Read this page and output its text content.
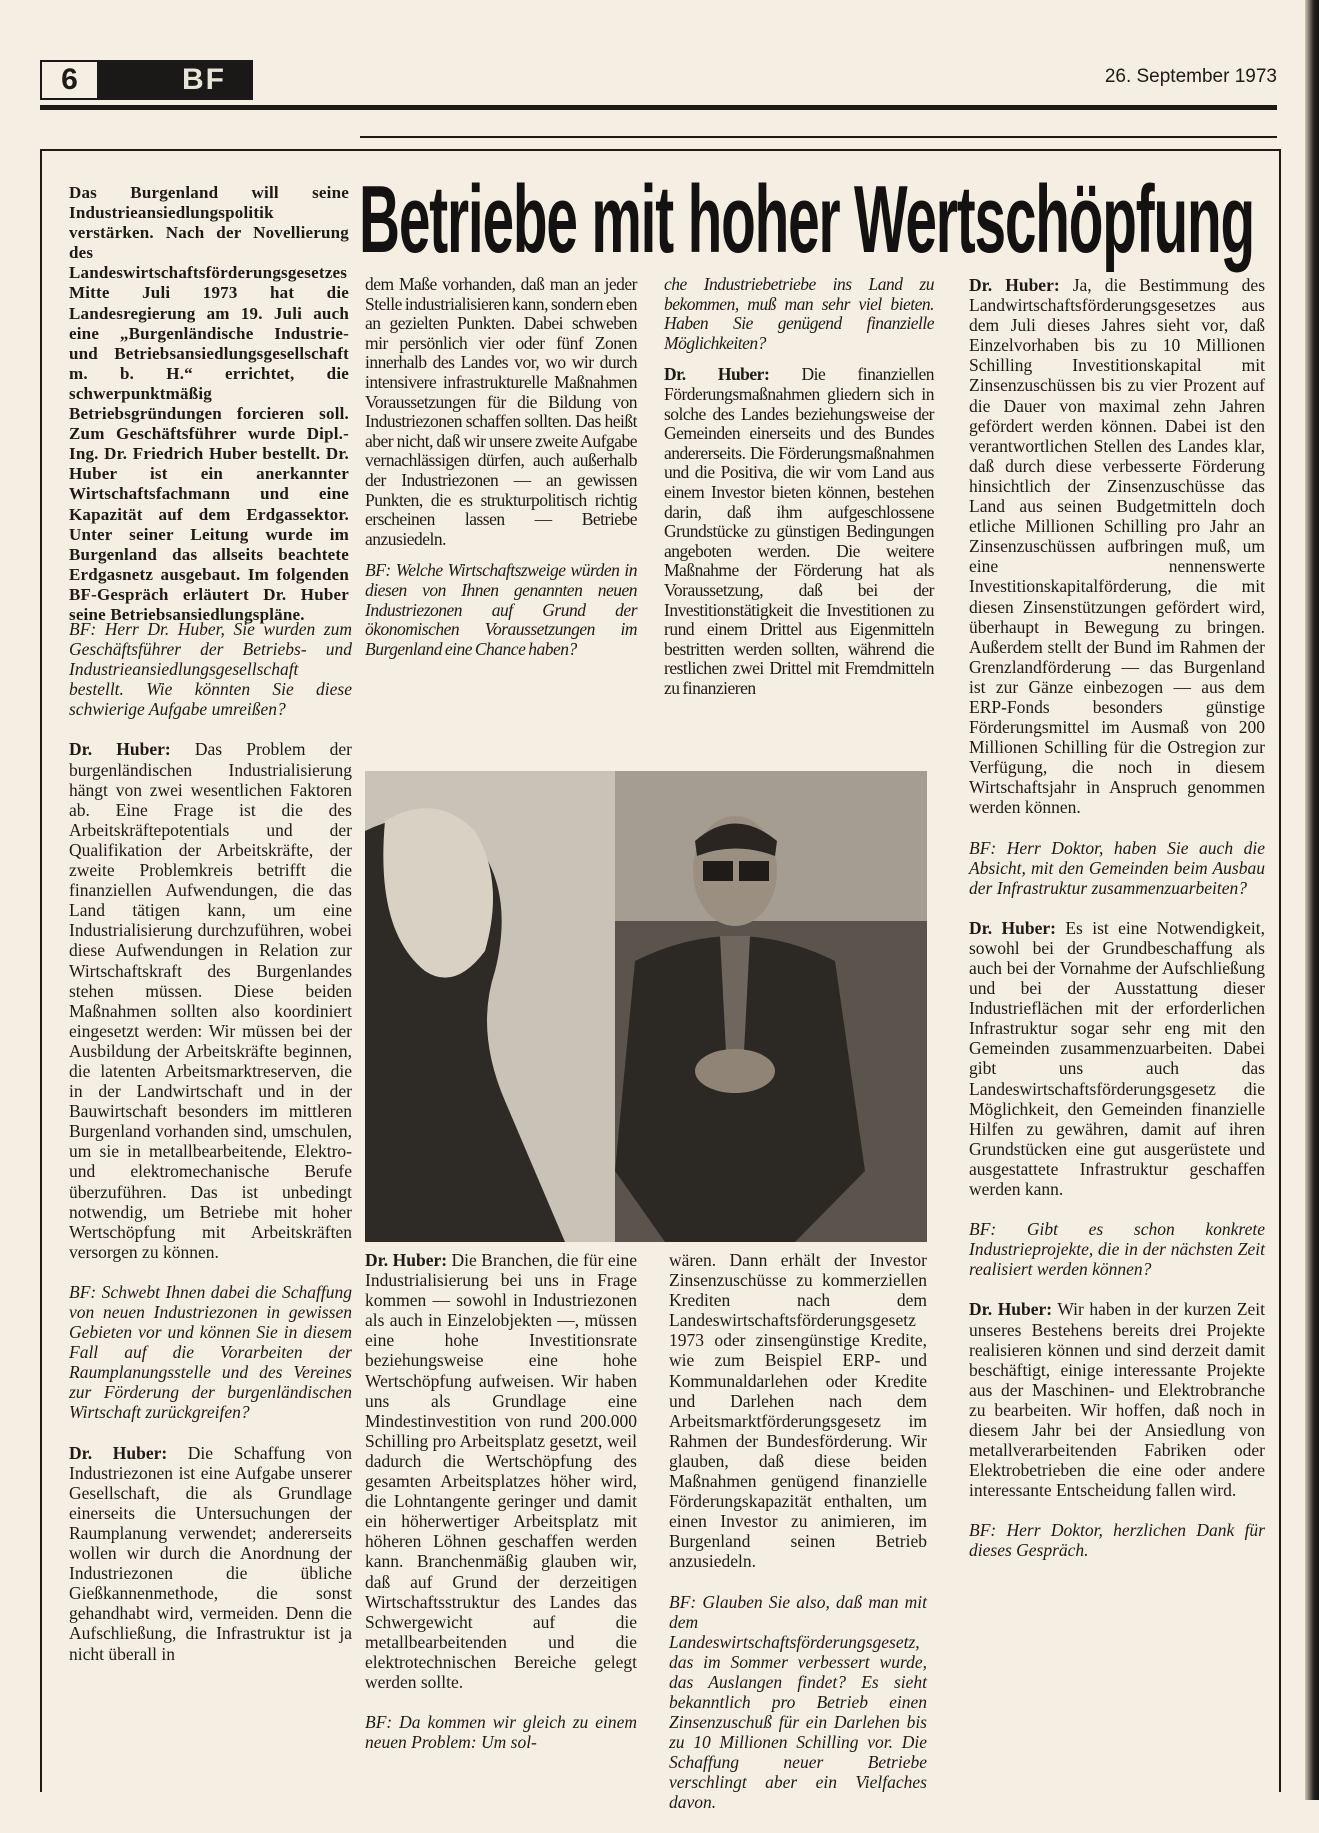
6	BF	26. September 1973
Betriebe mit hoher Wertschöpfung
Das Burgenland will seine Industrieansiedlungspolitik verstärken. Nach der Novellierung des Landeswirtschaftsförderungsgesetzes Mitte Juli 1973 hat die Landesregierung am 19. Juli auch eine „Burgenländische Industrie- und Betriebsansiedlungsgesellschaft m. b. H.“ errichtet, die schwerpunktmäßig Betriebsgründungen forcieren soll. Zum Geschäftsführer wurde Dipl.-Ing. Dr. Friedrich Huber bestellt. Dr. Huber ist ein anerkannter Wirtschaftsfachmann und eine Kapazität auf dem Erdgassektor. Unter seiner Leitung wurde im Burgenland das allseits beachtete Erdgasnetz ausgebaut. Im folgenden BF-Gespräch erläutert Dr. Huber seine Betriebsansiedlungspläne.

BF: Herr Dr. Huber, Sie wurden zum Geschäftsführer der Betriebs- und Industrieansiedlungsgesellschaft bestellt. Wie könnten Sie diese schwierige Aufgabe umreißen?

Dr. Huber: Das Problem der burgenländischen Industrialisierung hängt von zwei wesentlichen Faktoren ab. Eine Frage ist die des Arbeitskräftepotentials und der Qualifikation der Arbeitskräfte, der zweite Problemkreis betrifft die finanziellen Aufwendungen, die das Land tätigen kann, um eine Industrialisierung durchzuführen, wobei diese Aufwendungen in Relation zur Wirtschaftskraft des Burgenlandes stehen müssen. Diese beiden Maßnahmen sollten also koordiniert eingesetzt werden: Wir müssen bei der Ausbildung der Arbeitskräfte beginnen, die latenten Arbeitsmarktreserven, die in der Landwirtschaft und in der Bauwirtschaft besonders im mittleren Burgenland vorhanden sind, umschulen, um sie in metallbearbeitende, Elektro- und elektromechanische Berufe überzuführen. Das ist unbedingt notwendig, um Betriebe mit hoher Wertschöpfung mit Arbeitskräften versorgen zu können.

BF: Schwebt Ihnen dabei die Schaffung von neuen Industriezonen in gewissen Gebieten vor und können Sie in diesem Fall auf die Vorarbeiten der Raumplanungsstelle und des Vereines zur Förderung der burgenländischen Wirtschaft zurückgreifen?

Dr. Huber: Die Schaffung von Industriezonen ist eine Aufgabe unserer Gesellschaft, die als Grundlage einerseits die Untersuchungen der Raumplanung verwendet; andererseits wollen wir durch die Anordnung der Industriezonen die übliche Gießkannenmethode, die sonst gehandhabt wird, vermeiden. Denn die Aufschließung, die Infrastruktur ist ja nicht überall in

dem Maße vorhanden, daß man an jeder Stelle industrialisieren kann, sondern eben an gezielten Punkten. Dabei schweben mir persönlich vier oder fünf Zonen innerhalb des Landes vor, wo wir durch intensivere infrastrukturelle Maßnahmen Voraussetzungen für die Bildung von Industriezonen schaffen sollten. Das heißt aber nicht, daß wir unsere zweite Aufgabe vernachlässigen dürfen, auch außerhalb der Industriezonen — an gewissen Punkten, die es strukturpolitisch richtig erscheinen lassen — Betriebe anzusiedeln.

BF: Welche Wirtschaftszweige würden in diesen von Ihnen genannten neuen Industriezonen auf Grund der ökonomischen Voraussetzungen im Burgenland eine Chance haben?

che Industriebetriebe ins Land zu bekommen, muß man sehr viel bieten. Haben Sie genügend finanzielle Möglichkeiten?

Dr. Huber: Die finanziellen Förderungsmaßnahmen gliedern sich in solche des Landes beziehungsweise der Gemeinden einerseits und des Bundes andererseits. Die Förderungsmaßnahmen und die Positiva, die wir vom Land aus einem Investor bieten können, bestehen darin, daß ihm aufgeschlossene Grundstücke zu günstigen Bedingungen angeboten werden. Die weitere Maßnahme der Förderung hat als Voraussetzung, daß bei der Investitionstätigkeit die Investitionen zu rund einem Drittel aus Eigenmitteln bestritten werden sollten, während die restlichen zwei Drittel mit Fremdmitteln zu finanzieren

Dr. Huber: Die Branchen, die für eine Industrialisierung bei uns in Frage kommen — sowohl in Industriezonen als auch in Einzelobjekten —, müssen eine hohe Investitionsrate beziehungsweise eine hohe Wertschöpfung aufweisen. Wir haben uns als Grundlage eine Mindestinvestition von rund 200.000 Schilling pro Arbeitsplatz gesetzt, weil dadurch die Wertschöpfung des gesamten Arbeitsplatzes höher wird, die Lohntangente geringer und damit ein höherwertiger Arbeitsplatz mit höheren Löhnen geschaffen werden kann. Branchenmäßig glauben wir, daß auf Grund der derzeitigen Wirtschaftsstruktur des Landes das Schwergewicht auf die metallbearbeitenden und die elektrotechnischen Bereiche gelegt werden sollte.

BF: Da kommen wir gleich zu einem neuen Problem: Um sol-

wären. Dann erhält der Investor Zinsenzuschüsse zu kommerziellen Krediten nach dem Landeswirtschaftsförderungsgesetz 1973 oder zinsengünstige Kredite, wie zum Beispiel ERP- und Kommunaldarlehen oder Kredite und Darlehen nach dem Arbeitsmarktförderungsgesetz im Rahmen der Bundesförderung. Wir glauben, daß diese beiden Maßnahmen genügend finanzielle Förderungskapazität enthalten, um einen Investor zu animieren, im Burgenland seinen Betrieb anzusiedeln.

BF: Glauben Sie also, daß man mit dem Landeswirtschaftsförderungsgesetz, das im Sommer verbessert wurde, das Auslangen findet? Es sieht bekanntlich pro Betrieb einen Zinsenzuschuß für ein Darlehen bis zu 10 Millionen Schilling vor. Die Schaffung neuer Betriebe verschlingt aber ein Vielfaches davon.

Dr. Huber: Ja, die Bestimmung des Landwirtschaftsförderungsgesetzes aus dem Juli dieses Jahres sieht vor, daß Einzelvorhaben bis zu 10 Millionen Schilling Investitionskapital mit Zinsenzuschüssen bis zu vier Prozent auf die Dauer von maximal zehn Jahren gefördert werden können. Dabei ist den verantwortlichen Stellen des Landes klar, daß durch diese verbesserte Förderung hinsichtlich der Zinsenzuschüsse das Land aus seinen Budgetmitteln doch etliche Millionen Schilling pro Jahr an Zinsenzuschüssen aufbringen muß, um eine nennenswerte Investitionskapitalförderung, die mit diesen Zinsenstützungen gefördert wird, überhaupt in Bewegung zu bringen. Außerdem stellt der Bund im Rahmen der Grenzlandförderung — das Burgenland ist zur Gänze einbezogen — aus dem ERP-Fonds besonders günstige Förderungsmittel im Ausmaß von 200 Millionen Schilling für die Ostregion zur Verfügung, die noch in diesem Wirtschaftsjahr in Anspruch genommen werden können.

BF: Herr Doktor, haben Sie auch die Absicht, mit den Gemeinden beim Ausbau der Infrastruktur zusammenzuarbeiten?

Dr. Huber: Es ist eine Notwendigkeit, sowohl bei der Grundbeschaffung als auch bei der Vornahme der Aufschließung und bei der Ausstattung dieser Industrieflächen mit der erforderlichen Infrastruktur sogar sehr eng mit den Gemeinden zusammenzuarbeiten. Dabei gibt uns auch das Landeswirtschaftsförderungsgesetz die Möglichkeit, den Gemeinden finanzielle Hilfen zu gewähren, damit auf ihren Grundstücken eine gut ausgerüstete und ausgestattete Infrastruktur geschaffen werden kann.

BF: Gibt es schon konkrete Industrieprojekte, die in der nächsten Zeit realisiert werden können?

Dr. Huber: Wir haben in der kurzen Zeit unseres Bestehens bereits drei Projekte realisieren können und sind derzeit damit beschäftigt, einige interessante Projekte aus der Maschinen- und Elektrobranche zu bearbeiten. Wir hoffen, daß noch in diesem Jahr bei der Ansiedlung von metallverarbeitenden Fabriken oder Elektrobetrieben die eine oder andere interessante Entscheidung fallen wird.

BF: Herr Doktor, herzlichen Dank für dieses Gespräch.
